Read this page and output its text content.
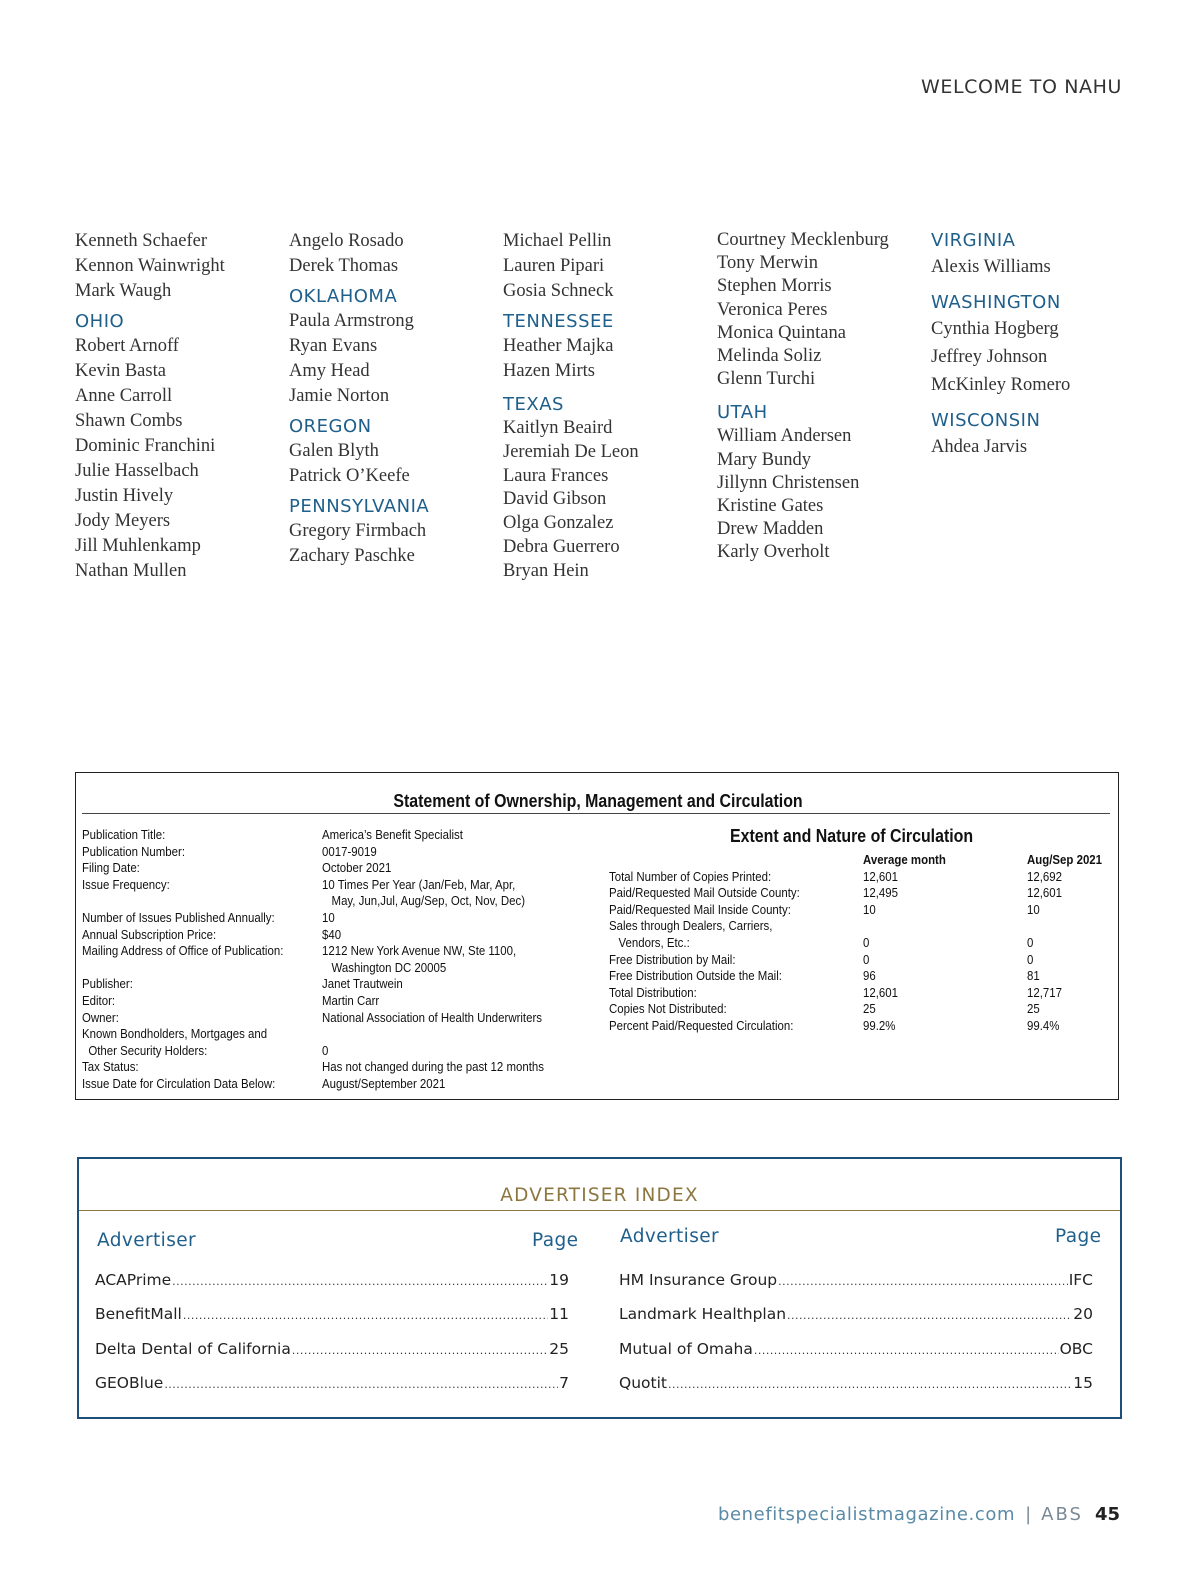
WELCOME TO NAHU
Kenneth Schaefer
Kennon Wainwright
Mark Waugh
OHIO
Robert Arnoff
Kevin Basta
Anne Carroll
Shawn Combs
Dominic Franchini
Julie Hasselbach
Justin Hively
Jody Meyers
Jill Muhlenkamp
Nathan Mullen
Angelo Rosado
Derek Thomas
OKLAHOMA
Paula Armstrong
Ryan Evans
Amy Head
Jamie Norton
OREGON
Galen Blyth
Patrick O’Keefe
PENNSYLVANIA
Gregory Firmbach
Zachary Paschke
Michael Pellin
Lauren Pipari
Gosia Schneck
TENNESSEE
Heather Majka
Hazen Mirts
TEXAS
Kaitlyn Beaird
Jeremiah De Leon
Laura Frances
David Gibson
Olga Gonzalez
Debra Guerrero
Bryan Hein
Courtney Mecklenburg
Tony Merwin
Stephen Morris
Veronica Peres
Monica Quintana
Melinda Soliz
Glenn Turchi
UTAH
William Andersen
Mary Bundy
Jillynn Christensen
Kristine Gates
Drew Madden
Karly Overholt
VIRGINIA
Alexis Williams
WASHINGTON
Cynthia Hogberg
Jeffrey Johnson
McKinley Romero
WISCONSIN
Ahdea Jarvis
Statement of Ownership, Management and Circulation
Publication Title:	America’s Benefit Specialist
Publication Number:	0017-9019
Filing Date:	October 2021
Issue Frequency:	10 Times Per Year (Jan/Feb, Mar, Apr,
May, Jun,Jul, Aug/Sep, Oct, Nov, Dec)
Number of Issues Published Annually:	10
Annual Subscription Price:	$40
Mailing Address of Office of Publication:	1212 New York Avenue NW, Ste 1100,
Washington DC 20005
Publisher:	Janet Trautwein
Editor:	Martin Carr
Owner:	National Association of Health Underwriters
Known Bondholders, Mortgages and
Other Security Holders:	0
Tax Status:	Has not changed during the past 12 months
Issue Date for Circulation Data Below:	August/September 2021
Extent and Nature of Circulation
Average month	Aug/Sep 2021
Total Number of Copies Printed:	12,601	12,692
Paid/Requested Mail Outside County:	12,495	12,601
Paid/Requested Mail Inside County:	10	10
Sales through Dealers, Carriers,
Vendors, Etc.:	0	0
Free Distribution by Mail:	0	0
Free Distribution Outside the Mail:	96	81
Total Distribution:	12,601	12,717
Copies Not Distributed:	25	25
Percent Paid/Requested Circulation:	99.2%	99.4%
ADVERTISER INDEX
Advertiser	Page Advertiser	Page
ACAPrime .....	19
BenefitMall .....	11
Delta Dental of California .....	25
GEOBlue .....	7
HM Insurance Group .....	IFC
Landmark Healthplan .....	20
Mutual of Omaha .....	OBC
Quotit .....	15
benefitspecialistmagazine.com | ABS 45
